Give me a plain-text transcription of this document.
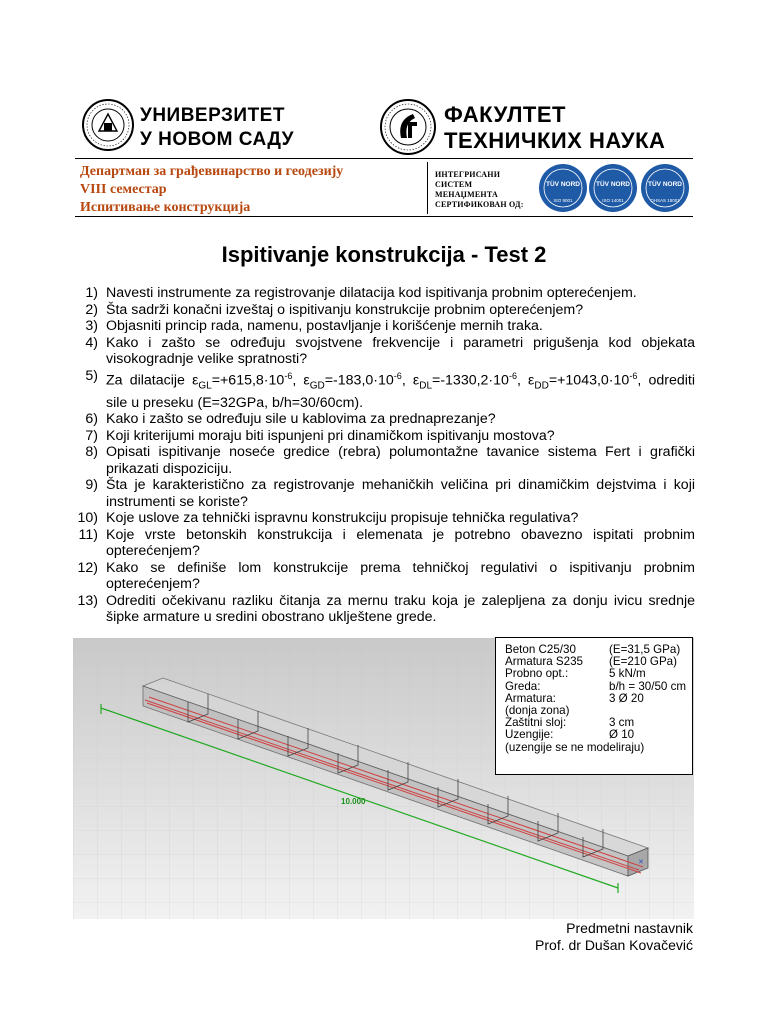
УНИВЕРЗИТЕТ
У НОВОМ САДУ
ФАКУЛТЕТ
ТЕХНИЧКИХ НАУКА
Департман за грађевинарство и геодезију
VIII семестар
Испитивање конструкција
ИНТЕГРИСАНИ
СИСТЕМ
МЕНАЏМЕНТА
СЕРТИФИКОВАН ОД:
TÜV NORD
ISO 9001
TÜV NORD
ISO 14001
TÜV NORD
OHSAS 18001
Ispitivanje konstrukcija - Test 2
1) Navesti instrumente za registrovanje dilatacija kod ispitivanja probnim opterećenjem.
2) Šta sadrži konačni izveštaj o ispitivanju konstrukcije probnim opterećenjem?
3) Objasniti princip rada, namenu, postavljanje i korišćenje mernih traka.
4) Kako i zašto se određuju svojstvene frekvencije i parametri prigušenja kod objekata visokogradnje velike spratnosti?
5) Za dilatacije $\varepsilon_{GL}=+615,8\cdot 10^{-6}$, $\varepsilon_{GD}=-183,0\cdot 10^{-6}$, $\varepsilon_{DL}=-1330,2\cdot 10^{-6}$, $\varepsilon_{DD}=+1043,0\cdot 10^{-6}$, odrediti sile u preseku (E=32GPa, b/h=30/60cm).
6) Kako i zašto se određuju sile u kablovima za prednaprezanje?
7) Koji kriterijumi moraju biti ispunjeni pri dinamičkom ispitivanju mostova?
8) Opisati ispitivanje noseće gredice (rebra) polumontažne tavanice sistema Fert i grafički prikazati dispoziciju.
9) Šta je karakteristično za registrovanje mehaničkih veličina pri dinamičkim dejstvima i koji instrumenti se koriste?
10) Koje uslove za tehnički ispravnu konstrukciju propisuje tehnička regulativa?
11) Koje vrste betonskih konstrukcija i elemenata je potrebno obavezno ispitati probnim opterećenjem?
12) Kako se definiše lom konstrukcije prema tehničkoj regulativi o ispitivanju probnim opterećenjem?
13) Odrediti očekivanu razliku čitanja za mernu traku koja je zalepljena za donju ivicu srednje šipke armature u sredini obostrano uklještene grede.
10.000
✕
Beton C25/30	(E=31,5 GPa)
Armatura S235	(E=210 GPa)
Probno opt.:	5 kN/m
Greda:	b/h = 30/50 cm
Armatura:	3 Ø 20
(donja zona)
Zaštitni sloj:	3 cm
Uzengije:	Ø 10
(uzengije se ne modeliraju)
Predmetni nastavnik
Prof. dr Dušan Kovačević
